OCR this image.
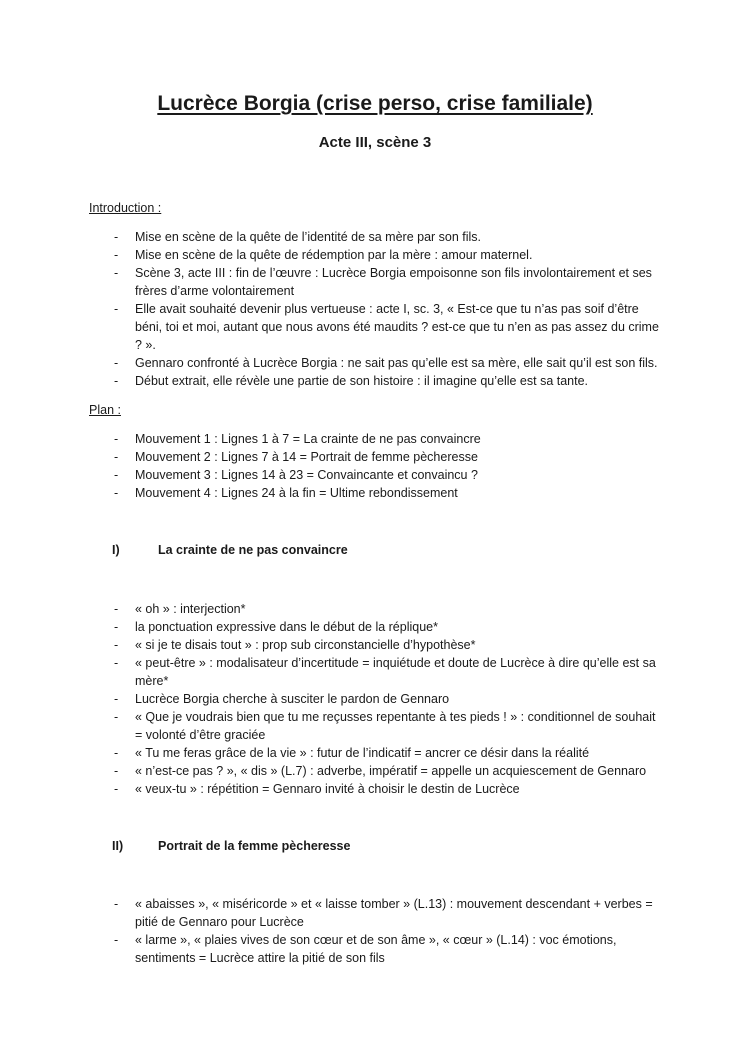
Lucrèce Borgia (crise perso, crise familiale)
Acte III, scène 3

Introduction :

- Mise en scène de la quête de l’identité de sa mère par son fils.
- Mise en scène de la quête de rédemption par la mère : amour maternel.
- Scène 3, acte III : fin de l’œuvre : Lucrèce Borgia empoisonne son fils involontairement et ses frères d’arme volontairement
- Elle avait souhaité devenir plus vertueuse : acte I, sc. 3, « Est-ce que tu n’as pas soif d’être béni, toi et moi, autant que nous avons été maudits ? est-ce que tu n’en as pas assez du crime ? ».
- Gennaro confronté à Lucrèce Borgia : ne sait pas qu’elle est sa mère, elle sait qu’il est son fils.
- Début extrait, elle révèle une partie de son histoire : il imagine qu’elle est sa tante.

Plan :

- Mouvement 1 : Lignes 1 à 7 = La crainte de ne pas convaincre
- Mouvement 2 : Lignes 7 à 14 = Portrait de femme pècheresse
- Mouvement 3 : Lignes 14 à 23 = Convaincante et convaincu ?
- Mouvement 4 : Lignes 24 à la fin = Ultime rebondissement
I)	La crainte de ne pas convaincre
- « oh » : interjection*
- la ponctuation expressive dans le début de la réplique*
- « si je te disais tout » : prop sub circonstancielle d’hypothèse*
- « peut-être » : modalisateur d’incertitude = inquiétude et doute de Lucrèce à dire qu’elle est sa mère*
- Lucrèce Borgia cherche à susciter le pardon de Gennaro
- « Que je voudrais bien que tu me reçusses repentante à tes pieds ! » : conditionnel de souhait = volonté d’être graciée
- « Tu me feras grâce de la vie » : futur de l’indicatif = ancrer ce désir dans la réalité
- « n’est-ce pas ? », « dis » (L.7) : adverbe, impératif = appelle un acquiescement de Gennaro
- « veux-tu » : répétition = Gennaro invité à choisir le destin de Lucrèce
II)	Portrait de la femme pècheresse
- « abaisses », « miséricorde » et « laisse tomber » (L.13) : mouvement descendant + verbes = pitié de Gennaro pour Lucrèce
- « larme », « plaies vives de son cœur et de son âme », « cœur » (L.14) : voc émotions, sentiments = Lucrèce attire la pitié de son fils
